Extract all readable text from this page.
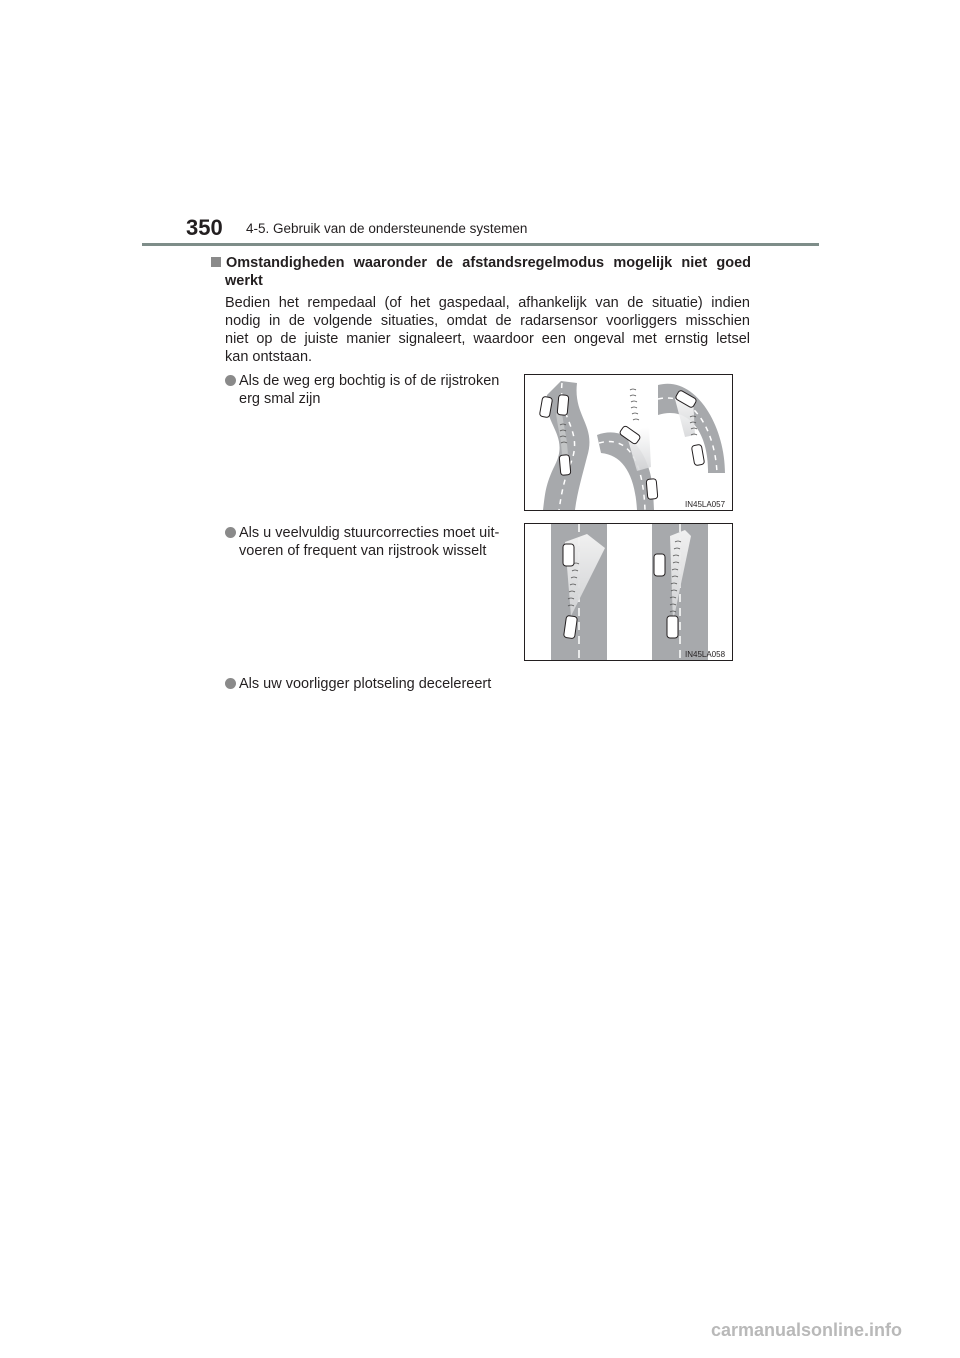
350 4-5. Gebruik van de ondersteunende systemen
Omstandigheden waaronder de afstandsregelmodus mogelijk niet goed
werkt
Bedien het rempedaal (of het gaspedaal, afhankelijk van de situatie) indien
nodig in de volgende situaties, omdat de radarsensor voorliggers misschien
niet op de juiste manier signaleert, waardoor een ongeval met ernstig letsel
kan ontstaan.
Als de weg erg bochtig is of de rijstroken
erg smal zijn
Als u veelvuldig stuurcorrecties moet uit-
voeren of frequent van rijstrook wisselt
Als uw voorligger plotseling decelereert
IN45LA057
IN45LA058
carmanualsonline.info
